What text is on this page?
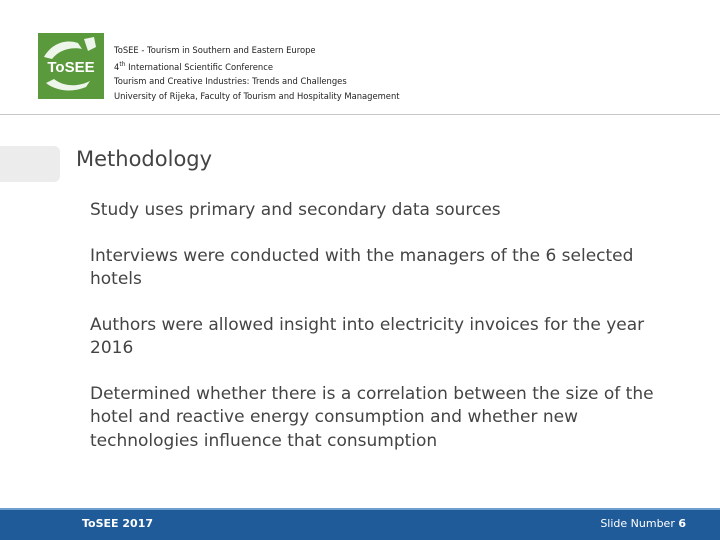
ToSEE
ToSEE - Tourism in Southern and Eastern Europe
4th International Scientific Conference
Tourism and Creative Industries: Trends and Challenges
University of Rijeka, Faculty of Tourism and Hospitality Management
Methodology
Study uses primary and secondary data sources
Interviews were conducted with the managers of the 6 selected hotels
Authors were allowed insight into electricity invoices for the year 2016
Determined whether there is a correlation between the size of the hotel and reactive energy consumption and whether new technologies influence that consumption
ToSEE 2017	Slide Number 6
